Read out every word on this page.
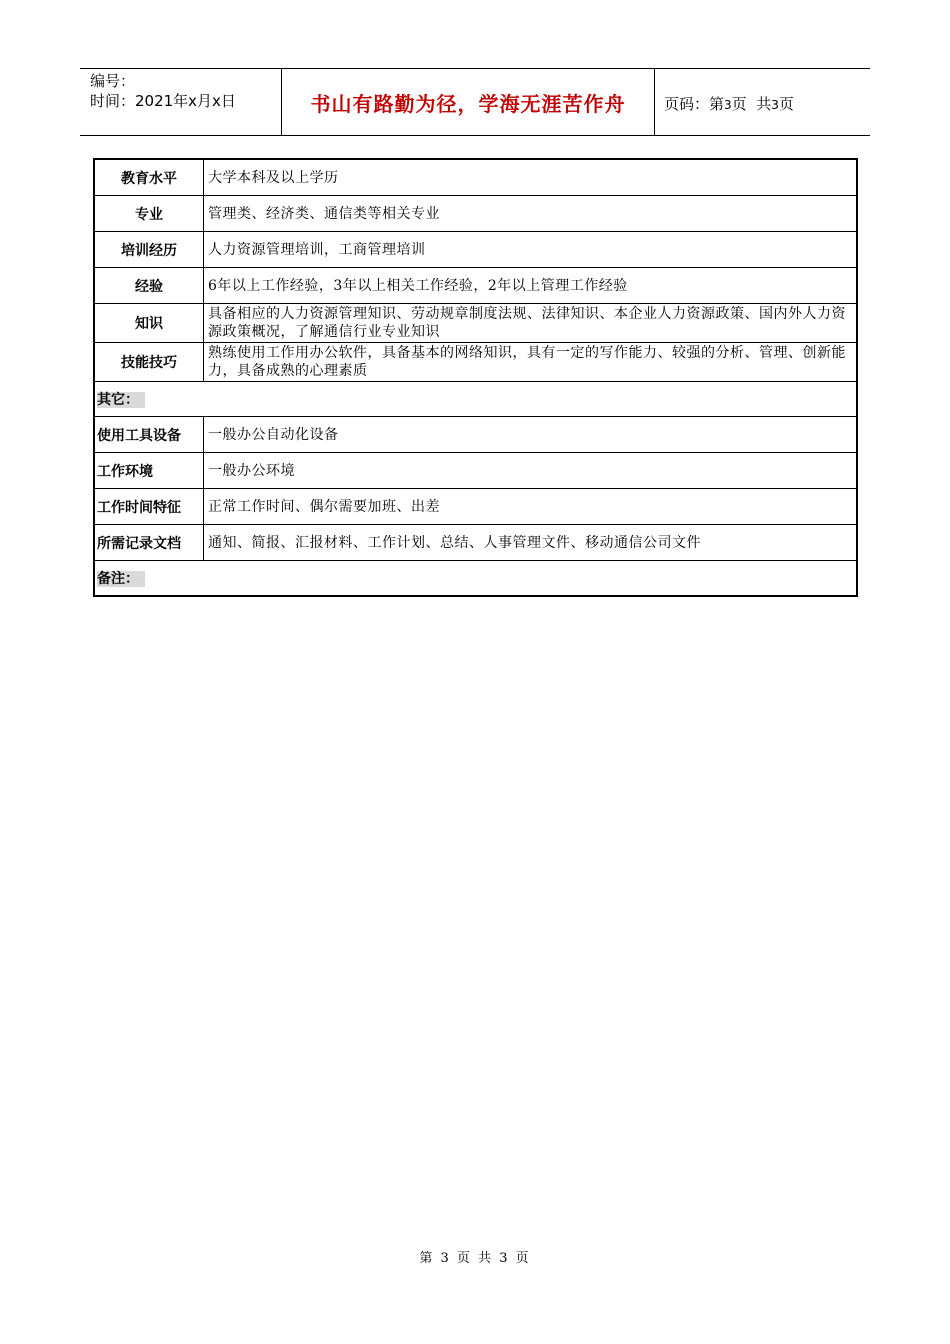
编号：
时间：2021年x月x日	书山有路勤为径，学海无涯苦作舟	页码：第3页  共3页
教育水平	大学本科及以上学历
专业	管理类、经济类、通信类等相关专业
培训经历	人力资源管理培训，工商管理培训
经验	6年以上工作经验，3年以上相关工作经验，2年以上管理工作经验
知识	具备相应的人力资源管理知识、劳动规章制度法规、法律知识、本企业人力资源政策、国内外人力资源政策概况，了解通信行业专业知识
技能技巧	熟练使用工作用办公软件，具备基本的网络知识，具有一定的写作能力、较强的分析、管理、创新能力，具备成熟的心理素质
其它：	
使用工具设备	一般办公自动化设备
工作环境	一般办公环境
工作时间特征	正常工作时间、偶尔需要加班、出差
所需记录文档	通知、简报、汇报材料、工作计划、总结、人事管理文件、移动通信公司文件
备注：	
第 3 页 共 3 页
